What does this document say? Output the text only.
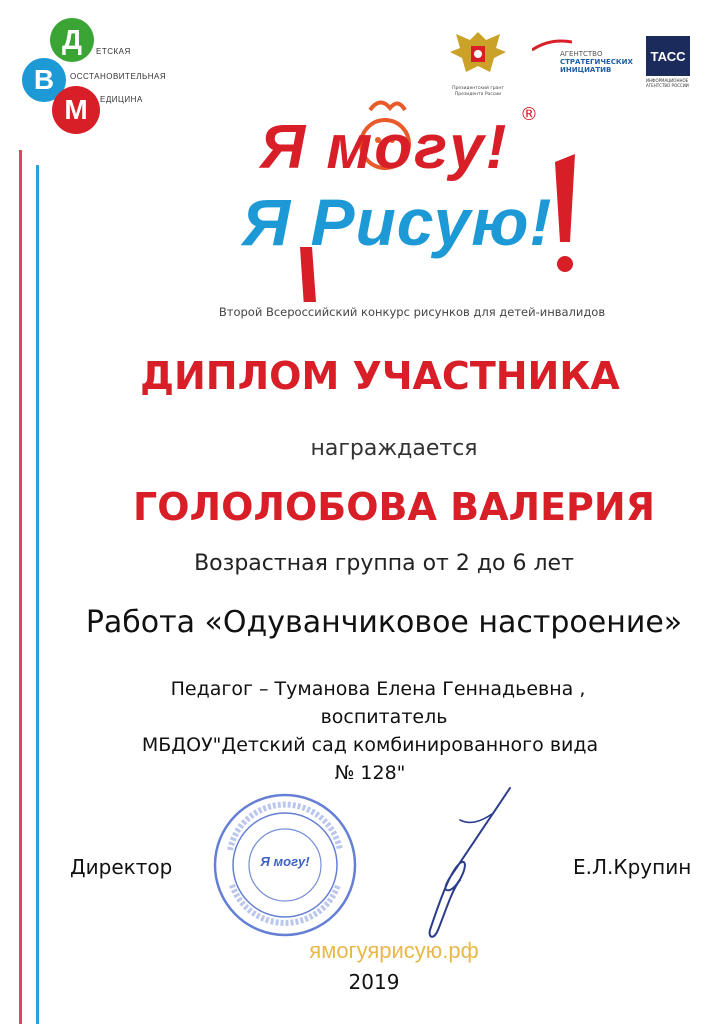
Д
В
М
ЕТСКАЯ
ОССТАНОВИТЕЛЬНАЯ
ЕДИЦИНА
Президентский грант Президента России
АГЕНТСТВО
СТРАТЕГИЧЕСКИХ
ИНИЦИАТИВ
ТАСС
ИНФОРМАЦИОННОЕ АГЕНТСТВО РОССИИ
Я могу!
Я Рисую!
®
Второй Всероссийский конкурс рисунков для детей-инвалидов
ДИПЛОМ УЧАСТНИКА
награждается
ГОЛОЛОБОВА ВАЛЕРИЯ
Возрастная группа от 2 до 6 лет
Работа «Одуванчиковое настроение»
Педагог – Туманова Елена Геннадьевна ,
воспитатель
МБДОУ"Детский сад комбинированного вида
№ 128"
Директор	Я могу!	Е.Л.Крупин
ямогуярисую.рф
2019
